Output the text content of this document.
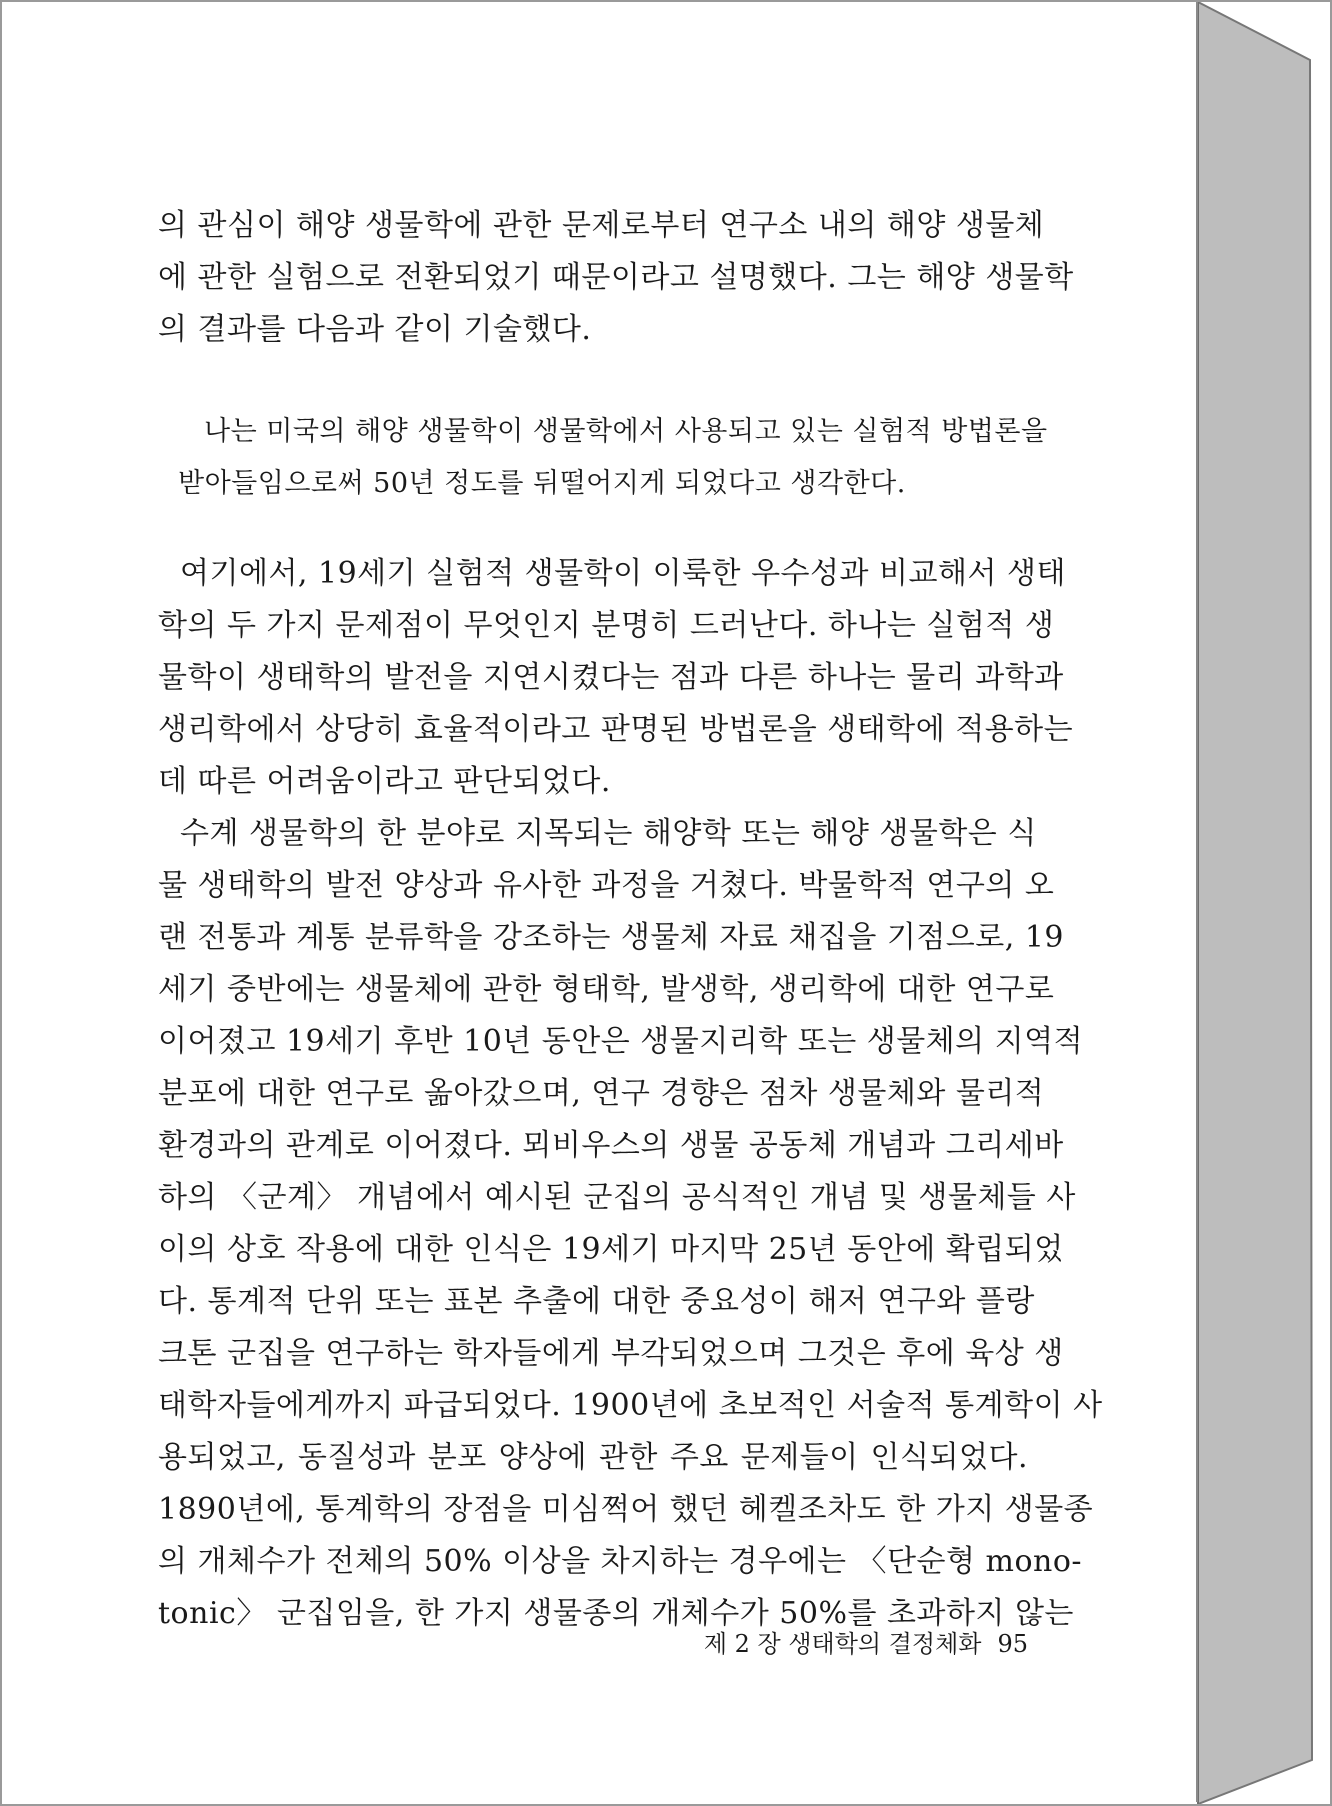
의 관심이 해양 생물학에 관한 문제로부터 연구소 내의 해양 생물체
에 관한 실험으로 전환되었기 때문이라고 설명했다. 그는 해양 생물학
의 결과를 다음과 같이 기술했다.
나는 미국의 해양 생물학이 생물학에서 사용되고 있는 실험적 방법론을
받아들임으로써 50년 정도를 뒤떨어지게 되었다고 생각한다.
여기에서, 19세기 실험적 생물학이 이룩한 우수성과 비교해서 생태
학의 두 가지 문제점이 무엇인지 분명히 드러난다. 하나는 실험적 생
물학이 생태학의 발전을 지연시켰다는 점과 다른 하나는 물리 과학과
생리학에서 상당히 효율적이라고 판명된 방법론을 생태학에 적용하는
데 따른 어려움이라고 판단되었다.
수계 생물학의 한 분야로 지목되는 해양학 또는 해양 생물학은 식
물 생태학의 발전 양상과 유사한 과정을 거쳤다. 박물학적 연구의 오
랜 전통과 계통 분류학을 강조하는 생물체 자료 채집을 기점으로, 19
세기 중반에는 생물체에 관한 형태학, 발생학, 생리학에 대한 연구로
이어졌고 19세기 후반 10년 동안은 생물지리학 또는 생물체의 지역적
분포에 대한 연구로 옮아갔으며, 연구 경향은 점차 생물체와 물리적
환경과의 관계로 이어졌다. 뫼비우스의 생물 공동체 개념과 그리세바
하의 〈군계〉 개념에서 예시된 군집의 공식적인 개념 및 생물체들 사
이의 상호 작용에 대한 인식은 19세기 마지막 25년 동안에 확립되었
다. 통계적 단위 또는 표본 추출에 대한 중요성이 해저 연구와 플랑
크톤 군집을 연구하는 학자들에게 부각되었으며 그것은 후에 육상 생
태학자들에게까지 파급되었다. 1900년에 초보적인 서술적 통계학이 사
용되었고, 동질성과 분포 양상에 관한 주요 문제들이 인식되었다.
1890년에, 통계학의 장점을 미심쩍어 했던 헤켈조차도 한 가지 생물종
의 개체수가 전체의 50% 이상을 차지하는 경우에는 〈단순형 mono-
tonic〉 군집임을, 한 가지 생물종의 개체수가 50%를 초과하지 않는
제 2 장 생태학의 결정체화 95
